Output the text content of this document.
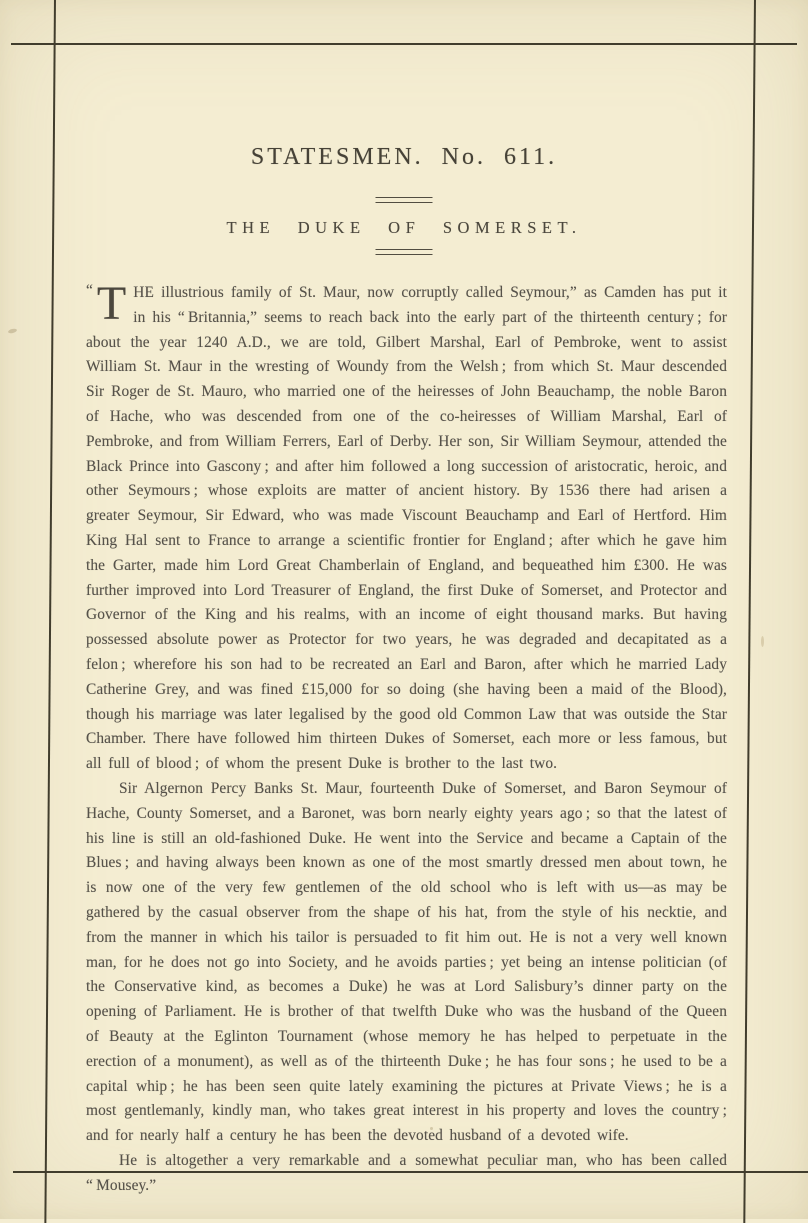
STATESMEN. No. 611.
THE DUKE OF SOMERSET.

“ T HE illustrious family of St. Maur, now corruptly called Seymour,” as Camden has put it in his “ Britannia,” seems to reach back into the early part of the thirteenth century ; for about the year 1240 A.D., we are told, Gilbert Marshal, Earl of Pembroke, went to assist William St. Maur in the wresting of Woundy from the Welsh ; from which St. Maur descended Sir Roger de St. Mauro, who married one of the heiresses of John Beauchamp, the noble Baron of Hache, who was descended from one of the co-heiresses of William Marshal, Earl of Pembroke, and from William Ferrers, Earl of Derby. Her son, Sir William Seymour, attended the Black Prince into Gascony ; and after him followed a long succession of aristocratic, heroic, and other Seymours ; whose exploits are matter of ancient history. By 1536 there had arisen a greater Seymour, Sir Edward, who was made Viscount Beauchamp and Earl of Hertford. Him King Hal sent to France to arrange a scientific frontier for England ; after which he gave him the Garter, made him Lord Great Chamberlain of England, and bequeathed him £300. He was further improved into Lord Treasurer of England, the first Duke of Somerset, and Protector and Governor of the King and his realms, with an income of eight thousand marks. But having possessed absolute power as Protector for two years, he was degraded and decapitated as a felon ; wherefore his son had to be recreated an Earl and Baron, after which he married Lady Catherine Grey, and was fined £15,000 for so doing (she having been a maid of the Blood), though his marriage was later legalised by the good old Common Law that was outside the Star Chamber. There have followed him thirteen Dukes of Somerset, each more or less famous, but all full of blood ; of whom the present Duke is brother to the last two.

Sir Algernon Percy Banks St. Maur, fourteenth Duke of Somerset, and Baron Seymour of Hache, County Somerset, and a Baronet, was born nearly eighty years ago ; so that the latest of his line is still an old-fashioned Duke. He went into the Service and became a Captain of the Blues ; and having always been known as one of the most smartly dressed men about town, he is now one of the very few gentlemen of the old school who is left with us—as may be gathered by the casual observer from the shape of his hat, from the style of his necktie, and from the manner in which his tailor is persuaded to fit him out. He is not a very well known man, for he does not go into Society, and he avoids parties ; yet being an intense politician (of the Conservative kind, as becomes a Duke) he was at Lord Salisbury’s dinner party on the opening of Parliament. He is brother of that twelfth Duke who was the husband of the Queen of Beauty at the Eglinton Tournament (whose memory he has helped to perpetuate in the erection of a monument), as well as of the thirteenth Duke ; he has four sons ; he used to be a capital whip ; he has been seen quite lately examining the pictures at Private Views ; he is a most gentlemanly, kindly man, who takes great interest in his property and loves the country ; and for nearly half a century he has been the devoted husband of a devoted wife.

He is altogether a very remarkable and a somewhat peculiar man, who has been called “ Mousey.”
